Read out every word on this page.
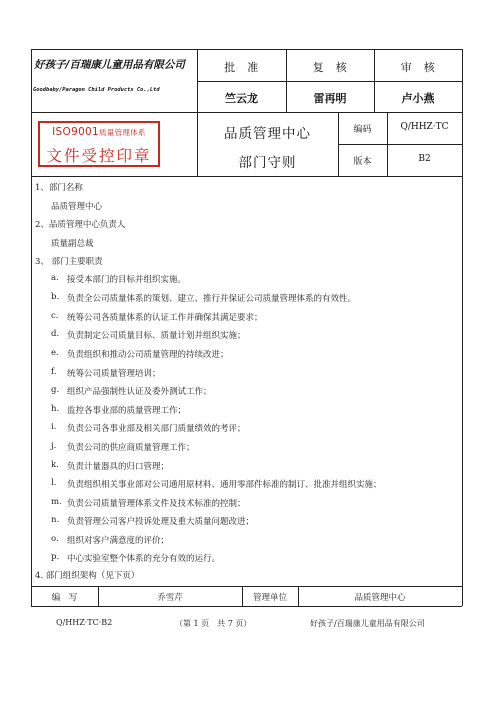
好孩子/百瑞康儿童用品有限公司
Goodbaby/Paragon Child Products Co.,Ltd
批　准	复　核	审　核
竺云龙	雷再明	卢小燕
ISO9001质量管理体系
文件受控印章
品质管理中心
部门守则
编码	Q/HHZ·TC
版本	B2
1、部门名称
品质管理中心
2、品质管理中心负责人
质量副总裁
3、 部门主要职责
a. 接受本部门的目标并组织实施。
b. 负责全公司质量体系的策划、建立、推行并保证公司质量管理体系的有效性。
c. 统筹公司各质量体系的认证工作并确保其满足要求；
d. 负责制定公司质量目标、质量计划并组织实施；
e. 负责组织和推动公司质量管理的持续改进；
f. 统筹公司质量管理培训；
g. 组织产品强制性认证及委外测试工作；
h. 监控各事业部的质量管理工作；
i. 负责公司各事业部及相关部门质量绩效的考评；
j. 负责公司的供应商质量管理工作；
k. 负责计量器具的归口管理；
l. 负责组织相关事业部对公司通用原材料、通用零部件标准的制订、批准并组织实施；
m. 负责公司质量管理体系文件及技术标准的控制；
n. 负责管理公司客户投诉处理及重大质量问题改进；
o. 组织对客户满意度的评价；
p. 中心实验室整个体系的充分有效的运行。
4. 部门组织架构（见下页）
编　写	乔雪芹	管理单位	品质管理中心
Q/HHZ·TC·B2	（第 1 页　共 7 页）	好孩子/百瑞康儿童用品有限公司
